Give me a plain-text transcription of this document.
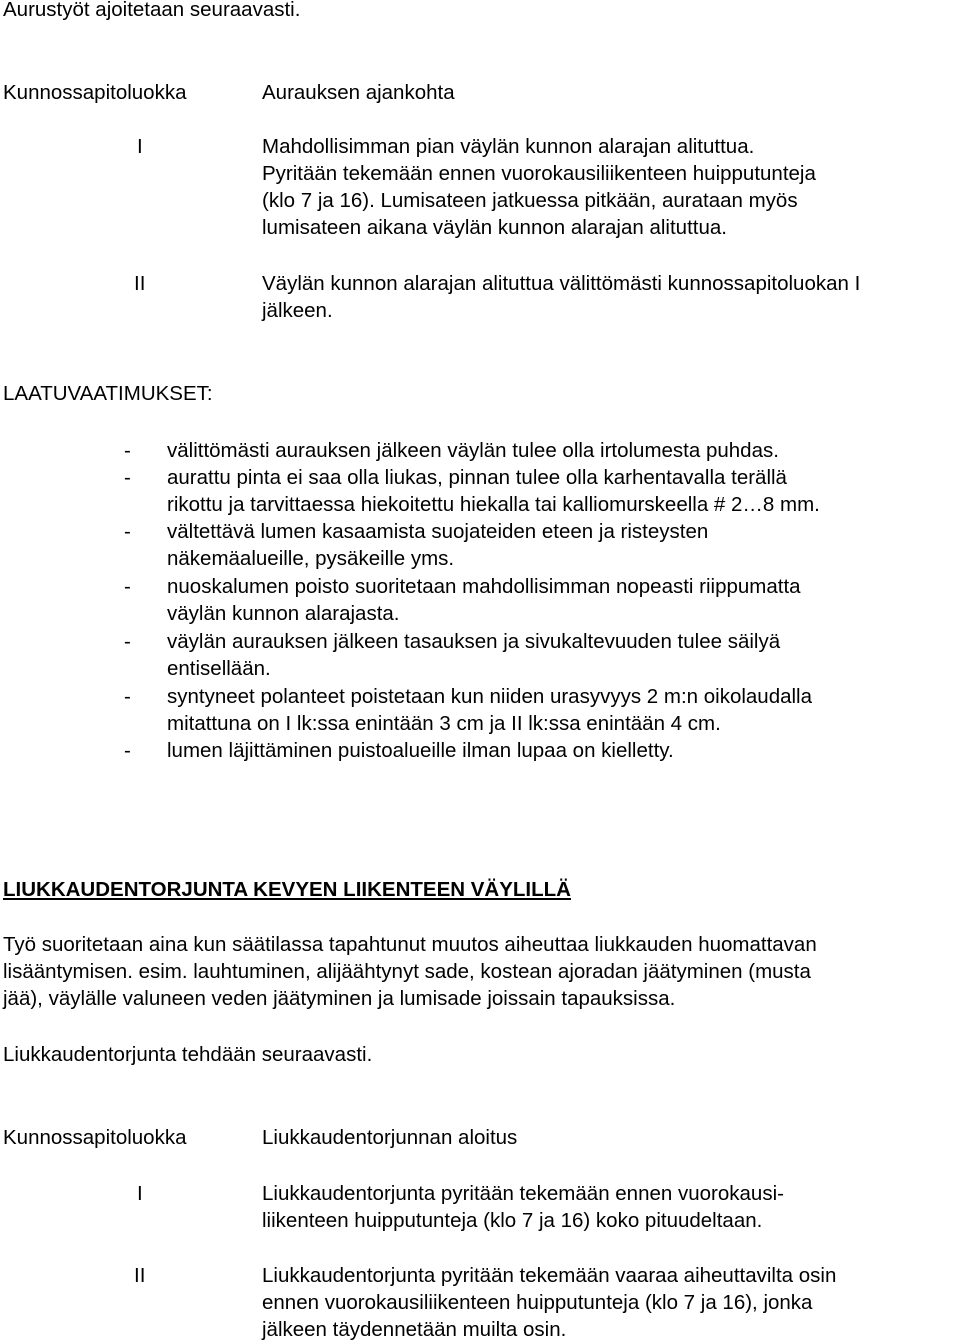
Aurustyöt ajoitetaan seuraavasti.
Kunnossapitoluokka	Aurauksen ajankohta
I	Mahdollisimman pian väylän kunnon alarajan alituttua.
Pyritään tekemään ennen vuorokausiliikenteen huipputunteja
(klo 7 ja 16). Lumisateen jatkuessa pitkään, aurataan myös
lumisateen aikana väylän kunnon alarajan alituttua.
II	Väylän kunnon alarajan alituttua välittömästi kunnossapitoluokan I
jälkeen.
LAATUVAATIMUKSET:
- välittömästi aurauksen jälkeen väylän tulee olla irtolumesta puhdas.
- aurattu pinta ei saa olla liukas, pinnan tulee olla karhentavalla terällä
rikottu ja tarvittaessa hiekoitettu hiekalla tai kalliomurskeella # 2…8 mm.
- vältettävä lumen kasaamista suojateiden eteen ja risteysten
näkemäalueille, pysäkeille yms.
- nuoskalumen poisto suoritetaan mahdollisimman nopeasti riippumatta
väylän kunnon alarajasta.
- väylän aurauksen jälkeen tasauksen ja sivukaltevuuden tulee säilyä
entisellään.
- syntyneet polanteet poistetaan kun niiden urasyvyys 2 m:n oikolaudalla
mitattuna on I lk:ssa enintään 3 cm ja II lk:ssa enintään 4 cm.
- lumen läjittäminen puistoalueille ilman lupaa on kielletty.
LIUKKAUDENTORJUNTA KEVYEN LIIKENTEEN VÄYLILLÄ
Työ suoritetaan aina kun säätilassa tapahtunut muutos aiheuttaa liukkauden huomattavan
lisääntymisen. esim. lauhtuminen, alijäähtynyt sade, kostean ajoradan jäätyminen (musta
jää), väylälle valuneen veden jäätyminen ja lumisade joissain tapauksissa.
Liukkaudentorjunta tehdään seuraavasti.
Kunnossapitoluokka	Liukkaudentorjunnan aloitus
I	Liukkaudentorjunta pyritään tekemään ennen vuorokausi-
liikenteen huipputunteja (klo 7 ja 16) koko pituudeltaan.
II	Liukkaudentorjunta pyritään tekemään vaaraa aiheuttavilta osin
ennen vuorokausiliikenteen huipputunteja (klo 7 ja 16), jonka
jälkeen täydennetään muilta osin.
